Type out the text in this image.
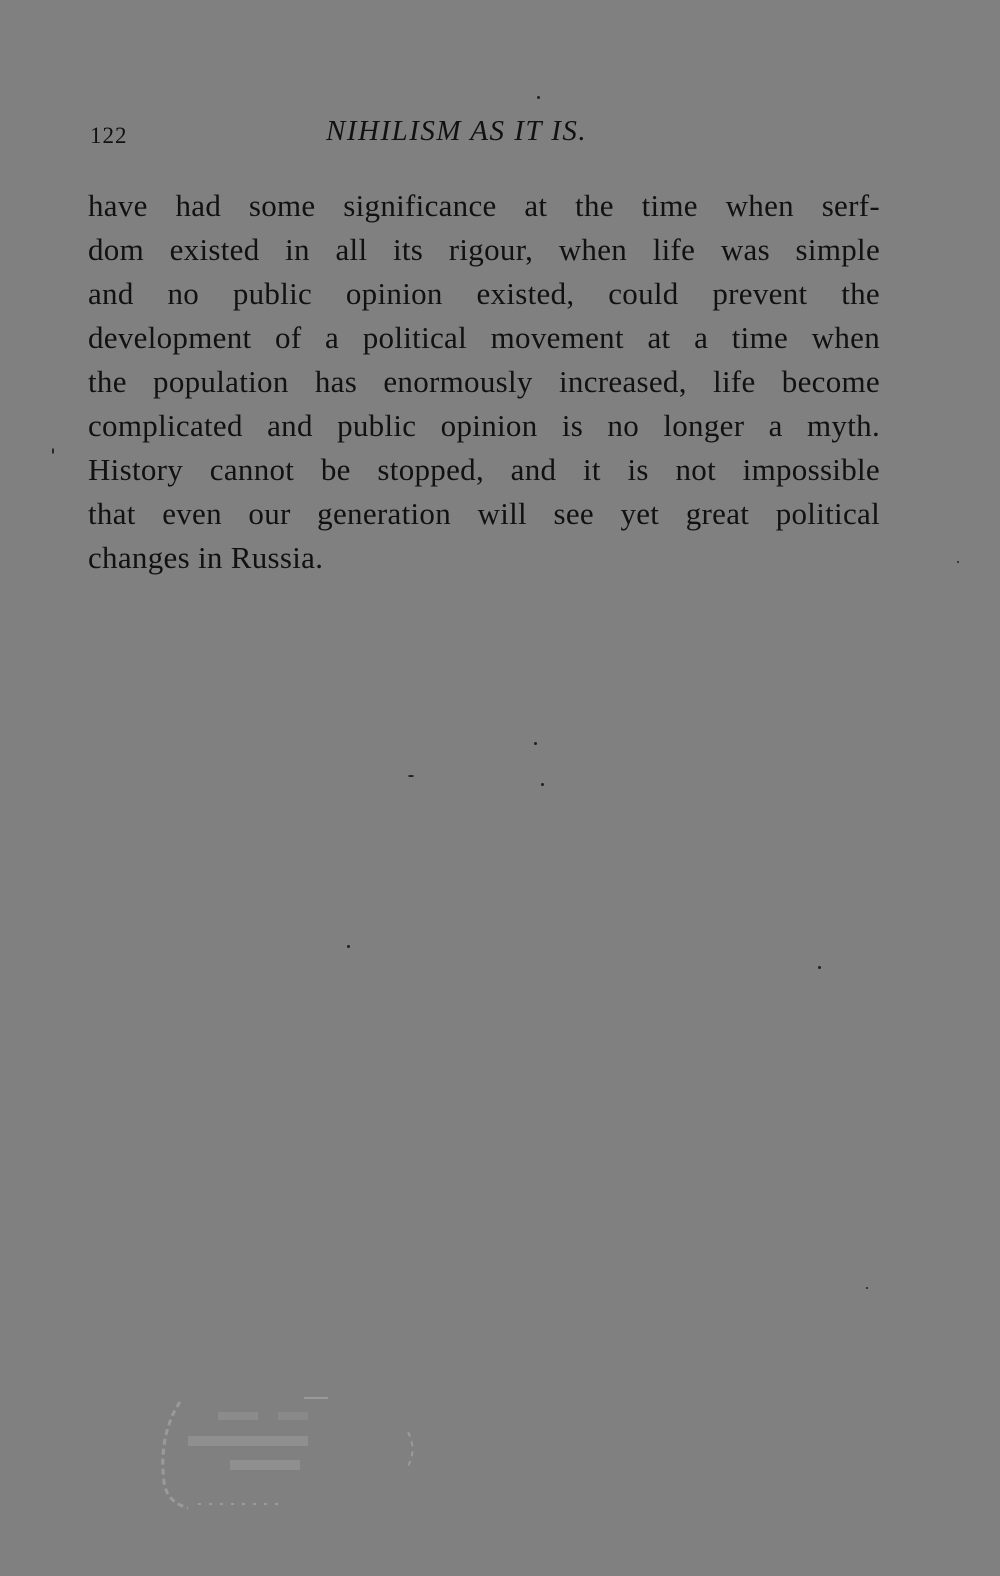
122	NIHILISM AS IT IS.
have had some significance at the time when serf-
dom existed in all its rigour, when life was simple
and no public opinion existed, could prevent the
development of a political movement at a time when
the population has enormously increased, life become
complicated and public opinion is no longer a myth.
History cannot be stopped, and it is not impossible
that even our generation will see yet great political
changes in Russia.
